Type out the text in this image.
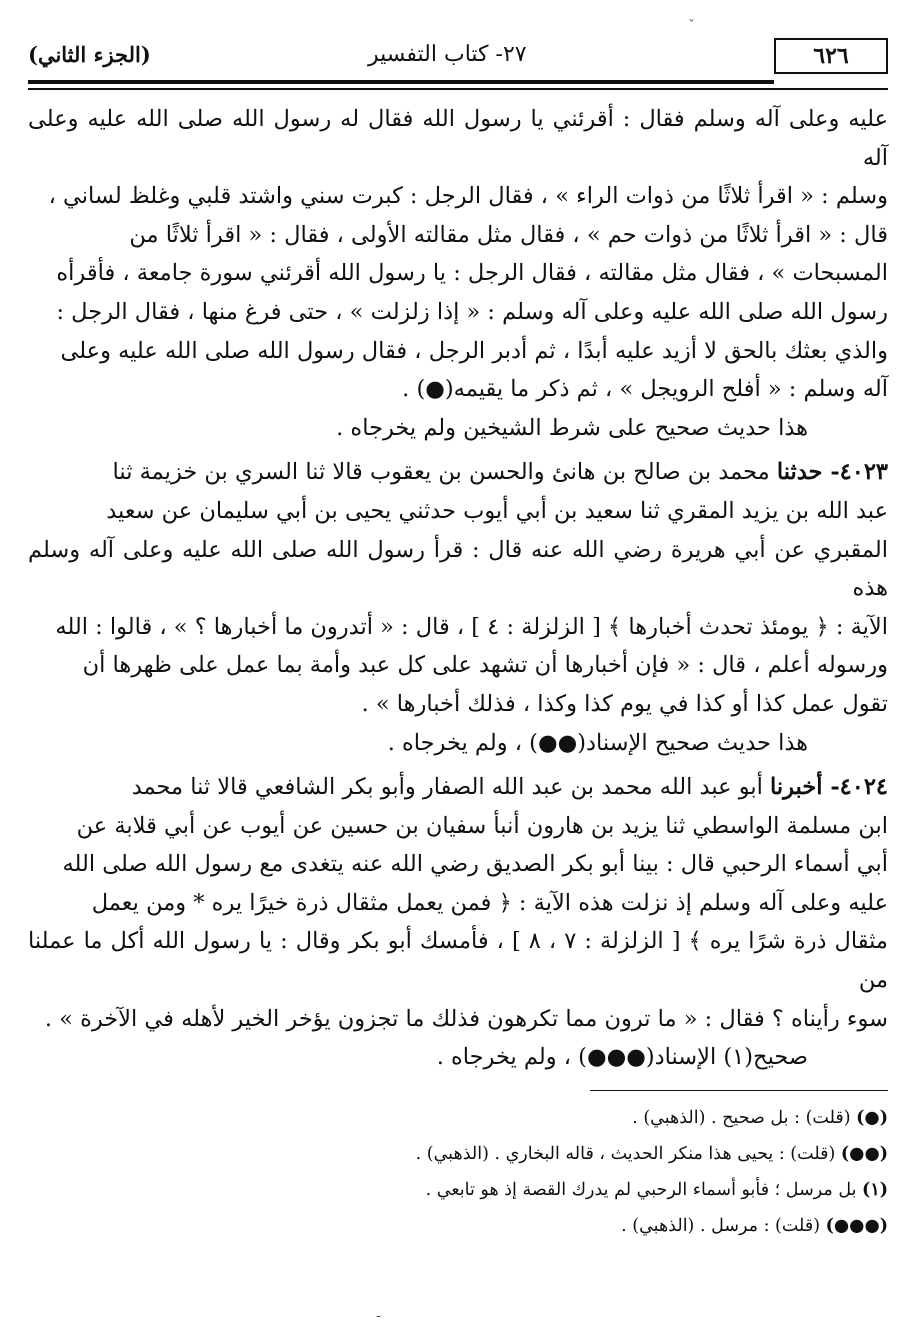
˯
(الجزء الثاني)	٢٧- كتاب التفسير	٦٢٦

عليه وعلى آله وسلم فقال : أقرئني يا رسول الله فقال له رسول الله صلى الله عليه وعلى آله

وسلم : « اقرأ ثلاثًا من ذوات الراء » ، فقال الرجل : كبرت سني واشتد قلبي وغلظ لساني ،

قال : « اقرأ ثلاثًا من ذوات حم » ، فقال مثل مقالته الأولى ، فقال : « اقرأ ثلاثًا من

المسبحات » ، فقال مثل مقالته ، فقال الرجل : يا رسول الله أقرئني سورة جامعة ، فأقرأه

رسول الله صلى الله عليه وعلى آله وسلم : « إذا زلزلت » ، حتى فرغ منها ، فقال الرجل :

والذي بعثك بالحق لا أزيد عليه أبدًا ، ثم أدبر الرجل ، فقال رسول الله صلى الله عليه وعلى

آله وسلم : « أفلح الرويجل » ، ثم ذكر ما يقيمه(●) .

هذا حديث صحيح على شرط الشيخين ولم يخرجاه .

٤٠٢٣- حدثنا محمد بن صالح بن هانئ والحسن بن يعقوب قالا ثنا السري بن خزيمة ثنا

عبد الله بن يزيد المقري ثنا سعيد بن أبي أيوب حدثني يحيى بن أبي سليمان عن سعيد

المقبري عن أبي هريرة رضي الله عنه قال : قرأ رسول الله صلى الله عليه وعلى آله وسلم هذه

الآية : ﴿ يومئذ تحدث أخبارها ﴾ [ الزلزلة : ٤ ] ، قال : « أتدرون ما أخبارها ؟ » ، قالوا : الله

ورسوله أعلم ، قال : « فإن أخبارها أن تشهد على كل عبد وأمة بما عمل على ظهرها أن

تقول عمل كذا أو كذا في يوم كذا وكذا ، فذلك أخبارها » .

هذا حديث صحيح الإسناد(●●) ، ولم يخرجاه .

٤٠٢٤- أخبرنا أبو عبد الله محمد بن عبد الله الصفار وأبو بكر الشافعي قالا ثنا محمد

ابن مسلمة الواسطي ثنا يزيد بن هارون أنبأ سفيان بن حسين عن أيوب عن أبي قلابة عن

أبي أسماء الرحبي قال : بينا أبو بكر الصديق رضي الله عنه يتغدى مع رسول الله صلى الله

عليه وعلى آله وسلم إذ نزلت هذه الآية : ﴿ فمن يعمل مثقال ذرة خيرًا يره * ومن يعمل

مثقال ذرة شرًا يره ﴾ [ الزلزلة : ٧ ، ٨ ] ، فأمسك أبو بكر وقال : يا رسول الله أكل ما عملنا من

سوء رأيناه ؟ فقال : « ما ترون مما تكرهون فذلك ما تجزون يؤخر الخير لأهله في الآخرة » .

صحيح(١) الإسناد(●●●) ، ولم يخرجاه .

(●) (قلت) : بل صحيح . (الذهبي) .

(●●) (قلت) : يحيى هذا منكر الحديث ، قاله البخاري . (الذهبي) .

(١) بل مرسل ؛ فأبو أسماء الرحبي لم يدرك القصة إذ هو تابعي .

(●●●) (قلت) : مرسل . (الذهبي) .

-
